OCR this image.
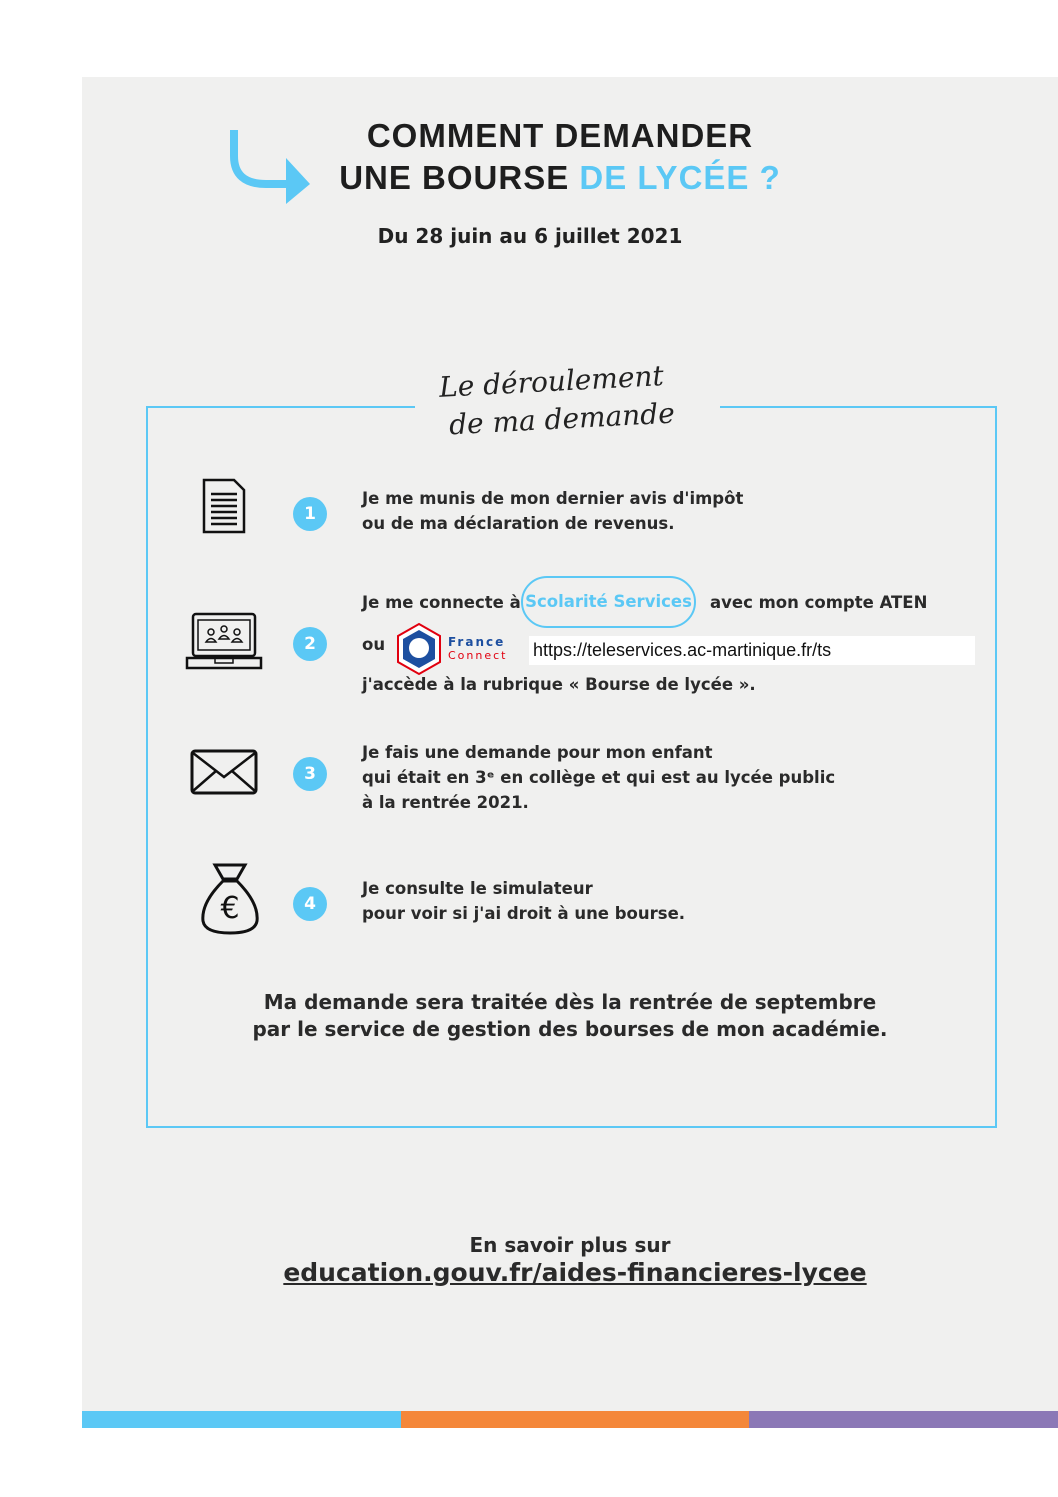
COMMENT DEMANDER
UNE BOURSE DE LYCÉE ?
Du 28 juin au 6 juillet 2021
Le déroulement
de ma demande
1
Je me munis de mon dernier avis d'impôt
ou de ma déclaration de revenus.
2
Je me connecte à Scolarité Services avec mon compte ATEN
ou	France
Connect https://teleservices.ac-martinique.fr/ts
j'accède à la rubrique « Bourse de lycée ».
3
Je fais une demande pour mon enfant
qui était en 3ᵉ en collège et qui est au lycée public
à la rentrée 2021.
€	4
Je consulte le simulateur
pour voir si j'ai droit à une bourse.
Ma demande sera traitée dès la rentrée de septembre
par le service de gestion des bourses de mon académie.
En savoir plus sur
education.gouv.fr/aides-financieres-lycee
